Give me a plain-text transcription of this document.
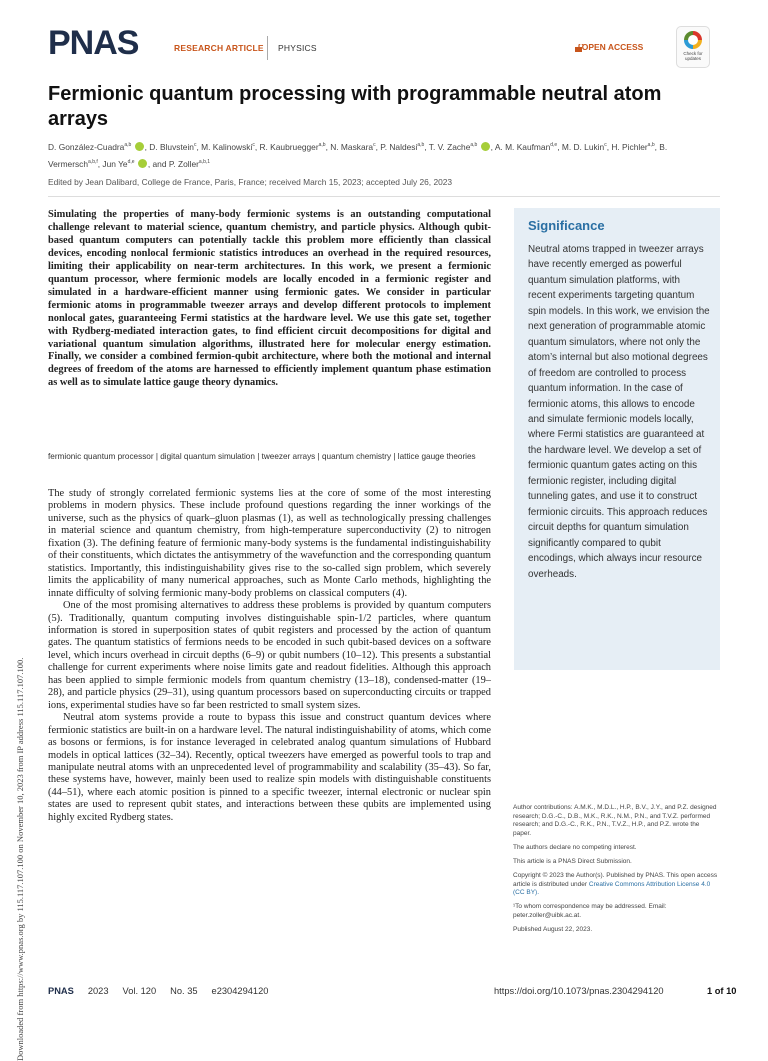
PNAS	RESEARCH ARTICLE PHYSICS	OPEN ACCESS
Check for updates
Fermionic quantum processing with programmable neutral atom arrays
D. González-Cuadra$^{a,b}$ , D. Bluvstein$^c$, M. Kalinowski$^c$, R. Kaubruegger$^{a,b}$, N. Maskara$^c$, P. Naldesi$^{a,b}$, T. V. Zache$^{a,b}$ , A. M. Kaufman$^{d,e}$, M. D. Lukin$^c$, H. Pichler$^{a,b}$, B. Vermersch$^{a,b,f}$, Jun Ye$^{d,e}$ , and P. Zoller$^{a,b,1}$
Edited by Jean Dalibard, College de France, Paris, France; received March 15, 2023; accepted July 26, 2023
Simulating the properties of many-body fermionic systems is an outstanding computational challenge relevant to material science, quantum chemistry, and particle physics. Although qubit-based quantum computers can potentially tackle this problem more efficiently than classical devices, encoding nonlocal fermionic statistics introduces an overhead in the required resources, limiting their applicability on near-term architectures. In this work, we present a fermionic quantum processor, where fermionic models are locally encoded in a fermionic register and simulated in a hardware-efficient manner using fermionic gates. We consider in particular fermionic atoms in programmable tweezer arrays and develop different protocols to implement nonlocal gates, guaranteeing Fermi statistics at the hardware level. We use this gate set, together with Rydberg-mediated interaction gates, to find efficient circuit decompositions for digital and variational quantum simulation algorithms, illustrated here for molecular energy estimation. Finally, we consider a combined fermion-qubit architecture, where both the motional and internal degrees of freedom of the atoms are harnessed to efficiently implement quantum phase estimation as well as to simulate lattice gauge theory dynamics.
fermionic quantum processor | digital quantum simulation | tweezer arrays | quantum chemistry | lattice gauge theories

The study of strongly correlated fermionic systems lies at the core of some of the most interesting problems in modern physics. These include profound questions regarding the inner workings of the universe, such as the physics of quark–gluon plasmas (1), as well as technologically pressing challenges in material science and quantum chemistry, from high-temperature superconductivity (2) to nitrogen fixation (3). The defining feature of fermionic many-body systems is the fundamental indistinguishability of their constituents, which dictates the antisymmetry of the wavefunction and the corresponding quantum statistics. Importantly, this indistinguishability gives rise to the so-called sign problem, which severely limits the applicability of many numerical approaches, such as Monte Carlo methods, highlighting the innate difficulty of solving fermionic many-body problems on classical computers (4).

One of the most promising alternatives to address these problems is provided by quantum computers (5). Traditionally, quantum computing involves distinguishable spin-1/2 particles, where quantum information is stored in superposition states of qubit registers and processed by the action of quantum gates. The quantum statistics of fermions needs to be encoded in such qubit-based devices on a software level, which incurs overhead in circuit depths (6–9) or qubit numbers (10–12). This presents a substantial challenge for current experiments where noise limits gate and readout fidelities. Although this approach has been applied to simple fermionic models from quantum chemistry (13–18), condensed-matter (19–28), and particle physics (29–31), using quantum processors based on superconducting circuits or trapped ions, experimental studies have so far been restricted to small system sizes.

Neutral atom systems provide a route to bypass this issue and construct quantum devices where fermionic statistics are built-in on a hardware level. The natural indistinguishability of atoms, which come as bosons or fermions, is for instance leveraged in celebrated analog quantum simulations of Hubbard models in optical lattices (32–34). Recently, optical tweezers have emerged as powerful tools to trap and manipulate neutral atoms with an unprecedented level of programmability and scalability (35–43). So far, these systems have, however, mainly been used to realize spin models with distinguishable constituents (44–51), where each atomic position is pinned to a specific tweezer, internal electronic or nuclear spin states are used to represent qubit states, and interactions between these qubits are implemented using highly excited Rydberg states.

Significance
Neutral atoms trapped in tweezer arrays have recently emerged as powerful quantum simulation platforms, with recent experiments targeting quantum spin models. In this work, we envision the next generation of programmable atomic quantum simulators, where not only the atom’s internal but also motional degrees of freedom are controlled to process quantum information. In the case of fermionic atoms, this allows to encode and simulate fermionic models locally, where Fermi statistics are guaranteed at the hardware level. We develop a set of fermionic quantum gates acting on this fermionic register, including digital tunneling gates, and use it to construct fermionic circuits. This approach reduces circuit depths for quantum simulation significantly compared to qubit encodings, which always incur resource overheads.

Author contributions: A.M.K., M.D.L., H.P., B.V., J.Y., and P.Z. designed research; D.G.-C., D.B., M.K., R.K., N.M., P.N., and T.V.Z. performed research; and D.G.-C., R.K., P.N., T.V.Z., H.P., and P.Z. wrote the paper.

The authors declare no competing interest.

This article is a PNAS Direct Submission.

Copyright © 2023 the Author(s). Published by PNAS. This open access article is distributed under Creative Commons Attribution License 4.0 (CC BY).

¹To whom correspondence may be addressed. Email: peter.zoller@uibk.ac.at.

Published August 22, 2023.

Downloaded from https://www.pnas.org by 115.117.107.100 on November 10, 2023 from IP address 115.117.107.100. PNAS 2023 Vol. 120 No. 35 e2304294120	https://doi.org/10.1073/pnas.2304294120	1 of 10
